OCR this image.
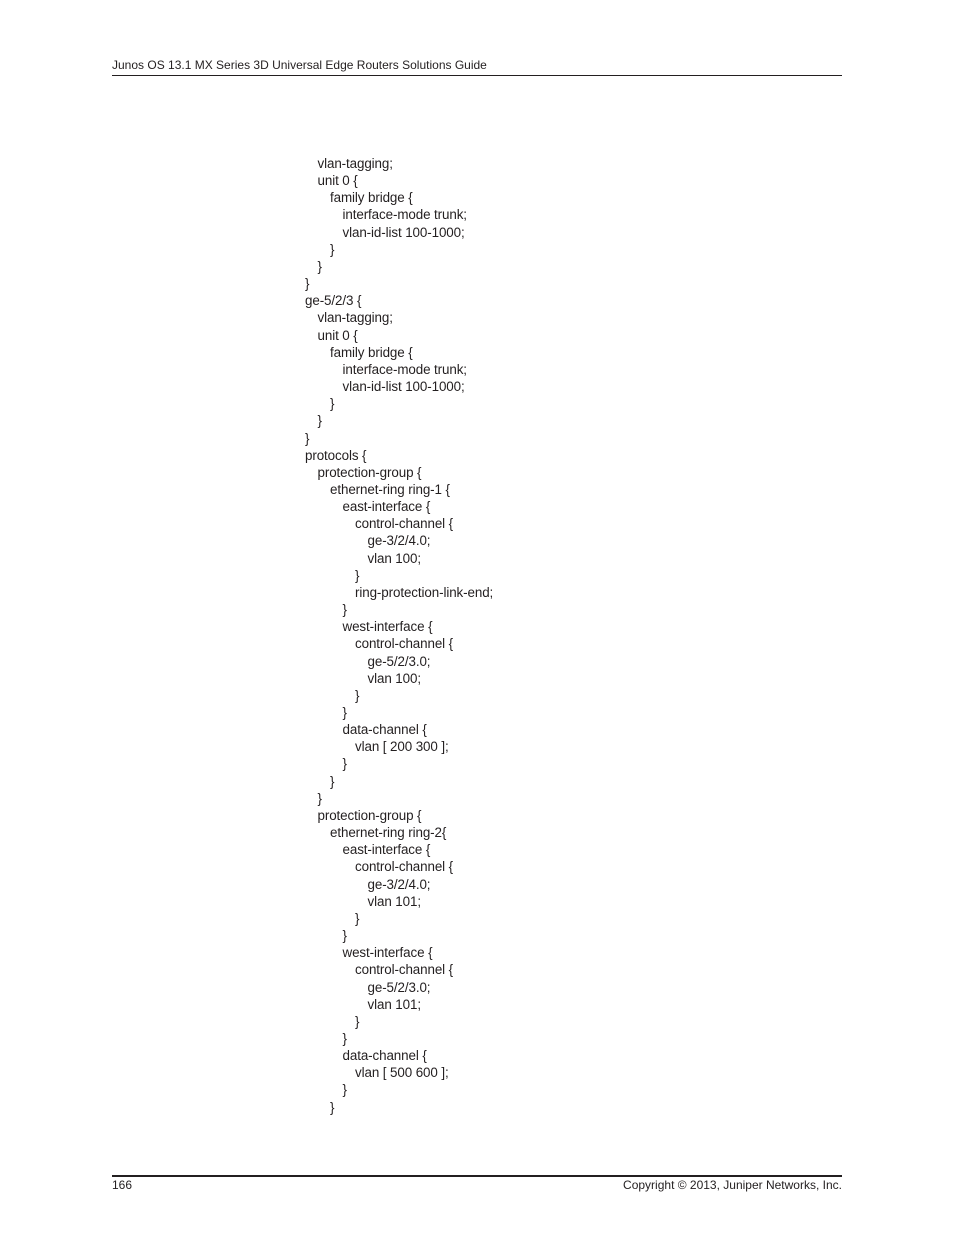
Junos OS 13.1 MX Series 3D Universal Edge Routers Solutions Guide
vlan-tagging;
unit 0 {
family bridge {
interface-mode trunk;
vlan-id-list 100-1000;
}
}
}
ge-5/2/3 {
vlan-tagging;
unit 0 {
family bridge {
interface-mode trunk;
vlan-id-list 100-1000;
}
}
}
protocols {
protection-group {
ethernet-ring ring-1 {
east-interface {
control-channel {
ge-3/2/4.0;
vlan 100;
}
ring-protection-link-end;
}
west-interface {
control-channel {
ge-5/2/3.0;
vlan 100;
}
}
data-channel {
vlan [ 200 300 ];
}
}
}
protection-group {
ethernet-ring ring-2{
east-interface {
control-channel {
ge-3/2/4.0;
vlan 101;
}
}
west-interface {
control-channel {
ge-5/2/3.0;
vlan 101;
}
}
data-channel {
vlan [ 500 600 ];
}
}
166	Copyright © 2013, Juniper Networks, Inc.
